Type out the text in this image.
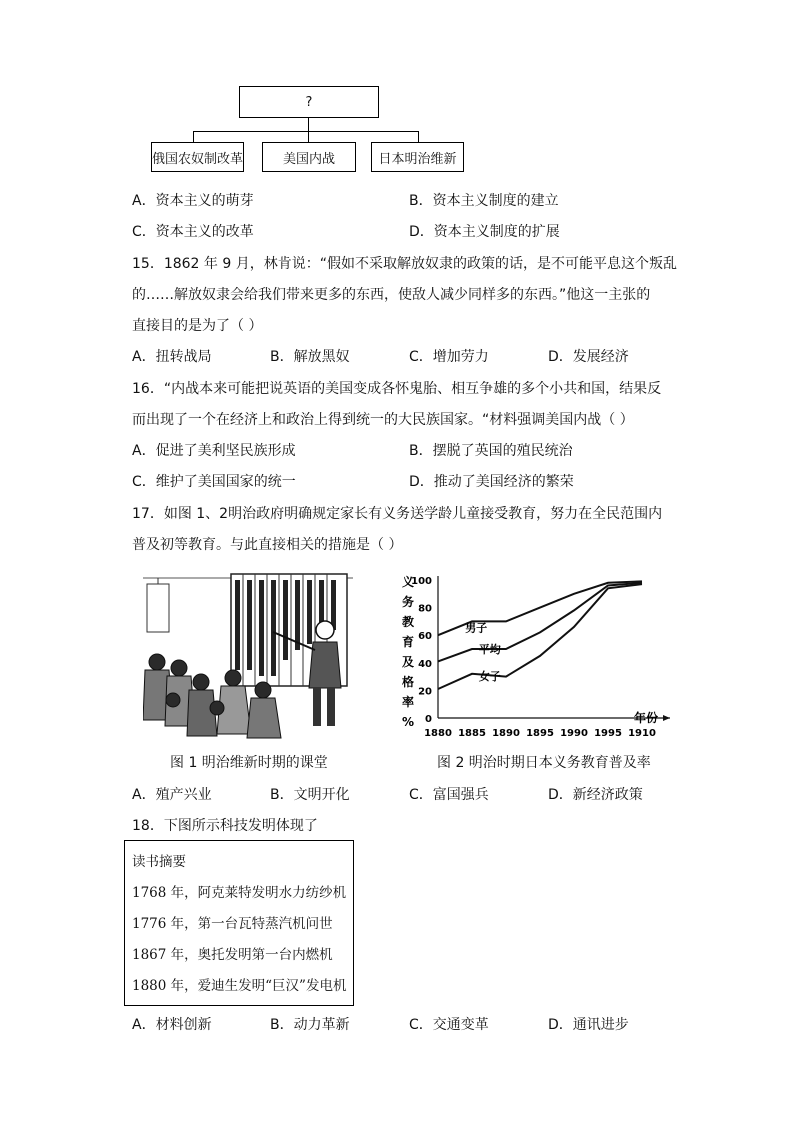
?
俄国农奴制改革	美国内战	日本明治维新
A．资本主义的萌芽	B．资本主义制度的建立
C．资本主义的改革	D．资本主义制度的扩展
15．1862 年 9 月，林肯说：“假如不采取解放奴隶的政策的话，是不可能平息这个叛乱
的……解放奴隶会给我们带来更多的东西，使敌人减少同样多的东西。”他这一主张的
直接目的是为了（ ）
A．扭转战局	B．解放黑奴	C．增加劳力	D．发展经济
16．“内战本来可能把说英语的美国变成各怀鬼胎、相互争雄的多个小共和国，结果反
而出现了一个在经济上和政治上得到统一的大民族国家。“材料强调美国内战（ ）
A．促进了美利坚民族形成	B．摆脱了英国的殖民统治
C．维护了美国国家的统一	D．推动了美国经济的繁荣
17．如图 1、2明治政府明确规定家长有义务送学龄儿童接受教育，努力在全民范围内
普及初等教育。与此直接相关的措施是（ ）
义
务
教
育
及
格
率
% 0
20
40
60
80
100
1880 1885 1890 1895 1990 1995 1910
男子
平均
女子
年份
图 1 明治维新时期的课堂	图 2 明治时期日本义务教育普及率
A．殖产兴业	B．文明开化	C．富国强兵	D．新经济政策
18．下图所示科技发明体现了
读书摘要
1768 年，阿克莱特发明水力纺纱机
1776 年，第一台瓦特蒸汽机问世
1867 年，奥托发明第一台内燃机
1880 年，爱迪生发明“巨汉”发电机
A．材料创新	B．动力革新	C．交通变革	D．通讯进步
